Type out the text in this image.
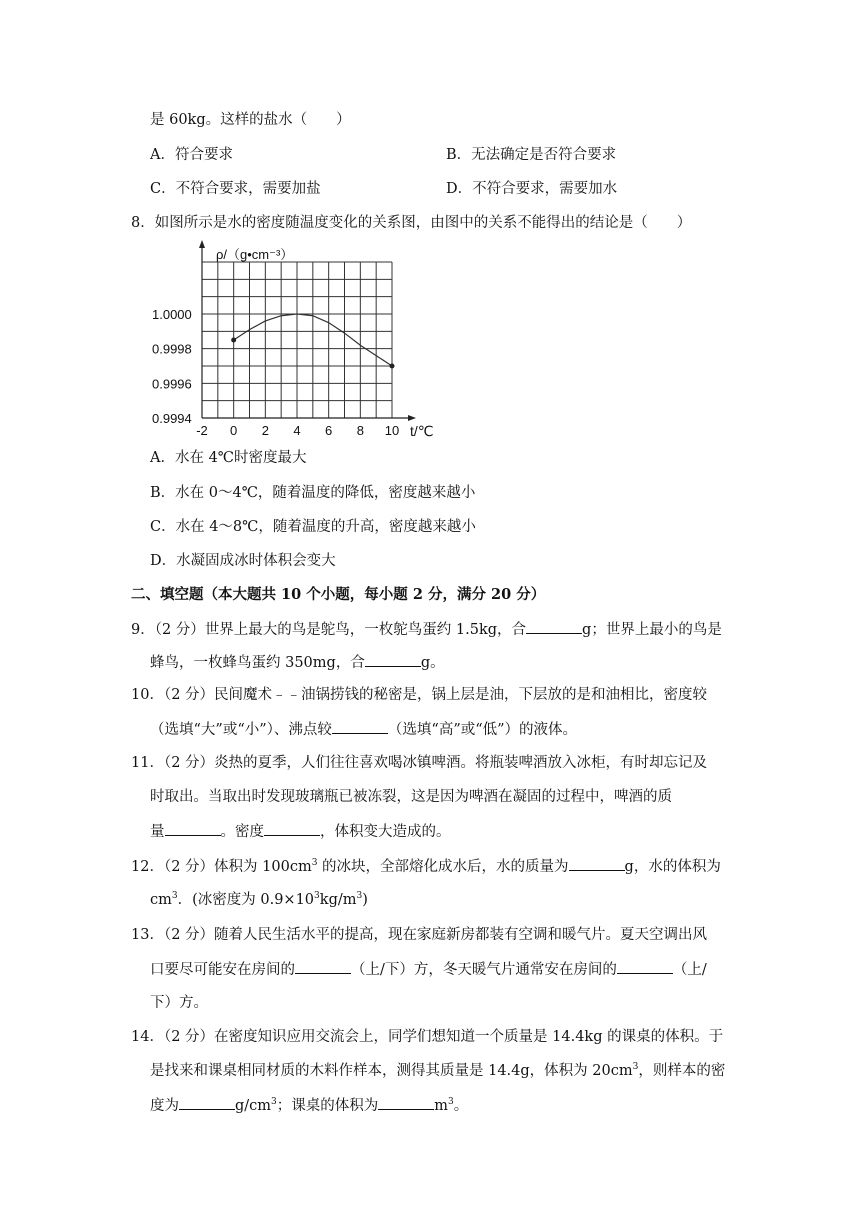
是 60kg。这样的盐水（　　）
A．符合要求	B．无法确定是否符合要求
C．不符合要求，需要加盐	D．不符合要求，需要加水
8．如图所示是水的密度随温度变化的关系图，由图中的关系不能得出的结论是（　　）
-2 0 2 4 6 8 10
0.9994
0.9996
0.9998
1.0000
ρ/（g•cm⁻³）
t/℃
A．水在 4℃时密度最大
B．水在 0～4℃，随着温度的降低，密度越来越小
C．水在 4～8℃，随着温度的升高，密度越来越小
D．水凝固成冰时体积会变大
二、填空题（本大题共 10 个小题，每小题 2 分，满分 20 分）
9．（2 分）世界上最大的鸟是鸵鸟，一枚鸵鸟蛋约 1.5kg，合	g；世界上最小的鸟是
蜂鸟，一枚蜂鸟蛋约 350mg，合	g。
10．（2 分）民间魔术﹣﹣油锅捞钱的秘密是，锅上层是油，下层放的是和油相比，密度较
（选填“大”或“小”）、沸点较	（选填“高”或“低”）的液体。
11．（2 分）炎热的夏季，人们往往喜欢喝冰镇啤酒。将瓶装啤酒放入冰柜，有时却忘记及
时取出。当取出时发现玻璃瓶已被冻裂，这是因为啤酒在凝固的过程中，啤酒的质
量	。密度	，体积变大造成的。
12．（2 分）体积为 $100cm^3$ 的冰块，全部熔化成水后，水的质量为	g，水的体积为
$cm^3$．(冰密度为 $0.9\times 10^3kg/m^3$)
13．（2 分）随着人民生活水平的提高，现在家庭新房都装有空调和暖气片。夏天空调出风
口要尽可能安在房间的	（上/下）方，冬天暖气片通常安在房间的	（上/
下）方。
14．（2 分）在密度知识应用交流会上，同学们想知道一个质量是 14.4kg 的课桌的体积。于
是找来和课桌相同材质的木料作样本，测得其质量是 14.4g，体积为 $20cm^3$，则样本的密
度为	$g/cm^3$；课桌的体积为	$m^3$。
